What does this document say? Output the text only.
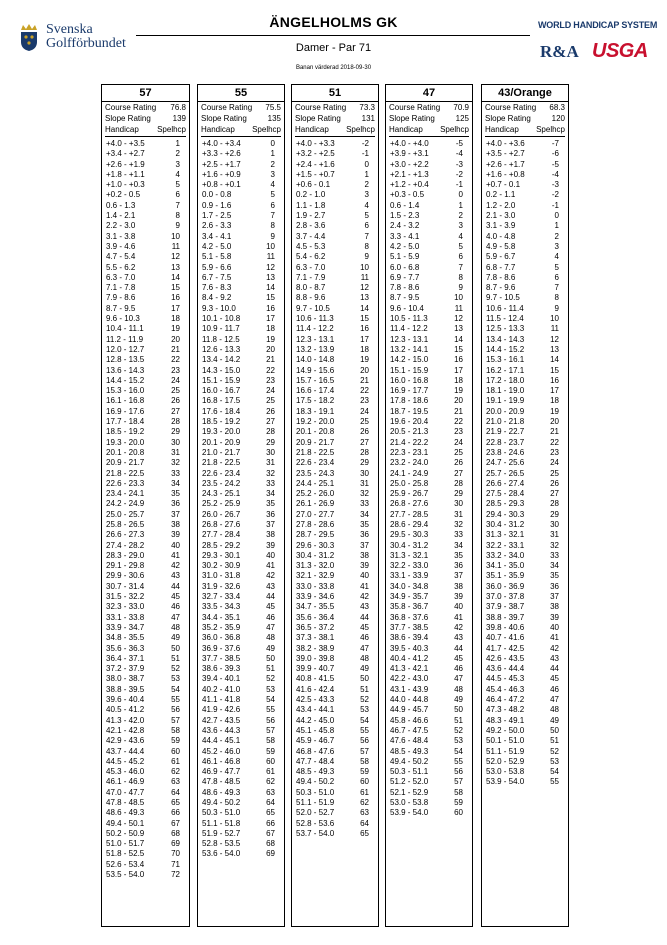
Svenska
Golfförbundet
ÄNGELHOLMS GK
Damer - Par 71
Banan värderad 2018-09-30
WORLD HANDICAP SYSTEM
R&A USGA
57
Course Rating 76.8
Slope Rating	139
Handicap Spelhcp
+4.0 - +3.5	1
+3.4 - +2.7	2
+2.6 - +1.9	3
+1.8 - +1.1	4
+1.0 - +0.3	5
+0.2 - 0.5	6
0.6 - 1.3	7
1.4 - 2.1	8
2.2 - 3.0	9
3.1 - 3.8	10
3.9 - 4.6	11
4.7 - 5.4	12
5.5 - 6.2	13
6.3 - 7.0	14
7.1 - 7.8	15
7.9 - 8.6	16
8.7 - 9.5	17
9.6 - 10.3	18
10.4 - 11.1	19
11.2 - 11.9	20
12.0 - 12.7	21
12.8 - 13.5	22
13.6 - 14.3	23
14.4 - 15.2	24
15.3 - 16.0	25
16.1 - 16.8	26
16.9 - 17.6	27
17.7 - 18.4	28
18.5 - 19.2	29
19.3 - 20.0	30
20.1 - 20.8	31
20.9 - 21.7	32
21.8 - 22.5	33
22.6 - 23.3	34
23.4 - 24.1	35
24.2 - 24.9	36
25.0 - 25.7	37
25.8 - 26.5	38
26.6 - 27.3	39
27.4 - 28.2	40
28.3 - 29.0	41
29.1 - 29.8	42
29.9 - 30.6	43
30.7 - 31.4	44
31.5 - 32.2	45
32.3 - 33.0	46
33.1 - 33.8	47
33.9 - 34.7	48
34.8 - 35.5	49
35.6 - 36.3	50
36.4 - 37.1	51
37.2 - 37.9	52
38.0 - 38.7	53
38.8 - 39.5	54
39.6 - 40.4	55
40.5 - 41.2	56
41.3 - 42.0	57
42.1 - 42.8	58
42.9 - 43.6	59
43.7 - 44.4	60
44.5 - 45.2	61
45.3 - 46.0	62
46.1 - 46.9	63
47.0 - 47.7	64
47.8 - 48.5	65
48.6 - 49.3	66
49.4 - 50.1	67
50.2 - 50.9	68
51.0 - 51.7	69
51.8 - 52.5	70
52.6 - 53.4	71
53.5 - 54.0	72
55
Course Rating 75.5
Slope Rating	135
Handicap Spelhcp
+4.0 - +3.4	0
+3.3 - +2.6	1
+2.5 - +1.7	2
+1.6 - +0.9	3
+0.8 - +0.1	4
0.0 - 0.8	5
0.9 - 1.6	6
1.7 - 2.5	7
2.6 - 3.3	8
3.4 - 4.1	9
4.2 - 5.0	10
5.1 - 5.8	11
5.9 - 6.6	12
6.7 - 7.5	13
7.6 - 8.3	14
8.4 - 9.2	15
9.3 - 10.0	16
10.1 - 10.8	17
10.9 - 11.7	18
11.8 - 12.5	19
12.6 - 13.3	20
13.4 - 14.2	21
14.3 - 15.0	22
15.1 - 15.9	23
16.0 - 16.7	24
16.8 - 17.5	25
17.6 - 18.4	26
18.5 - 19.2	27
19.3 - 20.0	28
20.1 - 20.9	29
21.0 - 21.7	30
21.8 - 22.5	31
22.6 - 23.4	32
23.5 - 24.2	33
24.3 - 25.1	34
25.2 - 25.9	35
26.0 - 26.7	36
26.8 - 27.6	37
27.7 - 28.4	38
28.5 - 29.2	39
29.3 - 30.1	40
30.2 - 30.9	41
31.0 - 31.8	42
31.9 - 32.6	43
32.7 - 33.4	44
33.5 - 34.3	45
34.4 - 35.1	46
35.2 - 35.9	47
36.0 - 36.8	48
36.9 - 37.6	49
37.7 - 38.5	50
38.6 - 39.3	51
39.4 - 40.1	52
40.2 - 41.0	53
41.1 - 41.8	54
41.9 - 42.6	55
42.7 - 43.5	56
43.6 - 44.3	57
44.4 - 45.1	58
45.2 - 46.0	59
46.1 - 46.8	60
46.9 - 47.7	61
47.8 - 48.5	62
48.6 - 49.3	63
49.4 - 50.2	64
50.3 - 51.0	65
51.1 - 51.8	66
51.9 - 52.7	67
52.8 - 53.5	68
53.6 - 54.0	69
51
Course Rating 73.3
Slope Rating	131
Handicap Spelhcp
+4.0 - +3.3	-2
+3.2 - +2.5	-1
+2.4 - +1.6	0
+1.5 - +0.7	1
+0.6 - 0.1	2
0.2 - 1.0	3
1.1 - 1.8	4
1.9 - 2.7	5
2.8 - 3.6	6
3.7 - 4.4	7
4.5 - 5.3	8
5.4 - 6.2	9
6.3 - 7.0	10
7.1 - 7.9	11
8.0 - 8.7	12
8.8 - 9.6	13
9.7 - 10.5	14
10.6 - 11.3	15
11.4 - 12.2	16
12.3 - 13.1	17
13.2 - 13.9	18
14.0 - 14.8	19
14.9 - 15.6	20
15.7 - 16.5	21
16.6 - 17.4	22
17.5 - 18.2	23
18.3 - 19.1	24
19.2 - 20.0	25
20.1 - 20.8	26
20.9 - 21.7	27
21.8 - 22.5	28
22.6 - 23.4	29
23.5 - 24.3	30
24.4 - 25.1	31
25.2 - 26.0	32
26.1 - 26.9	33
27.0 - 27.7	34
27.8 - 28.6	35
28.7 - 29.5	36
29.6 - 30.3	37
30.4 - 31.2	38
31.3 - 32.0	39
32.1 - 32.9	40
33.0 - 33.8	41
33.9 - 34.6	42
34.7 - 35.5	43
35.6 - 36.4	44
36.5 - 37.2	45
37.3 - 38.1	46
38.2 - 38.9	47
39.0 - 39.8	48
39.9 - 40.7	49
40.8 - 41.5	50
41.6 - 42.4	51
42.5 - 43.3	52
43.4 - 44.1	53
44.2 - 45.0	54
45.1 - 45.8	55
45.9 - 46.7	56
46.8 - 47.6	57
47.7 - 48.4	58
48.5 - 49.3	59
49.4 - 50.2	60
50.3 - 51.0	61
51.1 - 51.9	62
52.0 - 52.7	63
52.8 - 53.6	64
53.7 - 54.0	65
47
Course Rating 70.9
Slope Rating	125
Handicap Spelhcp
+4.0 - +4.0	-5
+3.9 - +3.1	-4
+3.0 - +2.2	-3
+2.1 - +1.3	-2
+1.2 - +0.4	-1
+0.3 - 0.5	0
0.6 - 1.4	1
1.5 - 2.3	2
2.4 - 3.2	3
3.3 - 4.1	4
4.2 - 5.0	5
5.1 - 5.9	6
6.0 - 6.8	7
6.9 - 7.7	8
7.8 - 8.6	9
8.7 - 9.5	10
9.6 - 10.4	11
10.5 - 11.3	12
11.4 - 12.2	13
12.3 - 13.1	14
13.2 - 14.1	15
14.2 - 15.0	16
15.1 - 15.9	17
16.0 - 16.8	18
16.9 - 17.7	19
17.8 - 18.6	20
18.7 - 19.5	21
19.6 - 20.4	22
20.5 - 21.3	23
21.4 - 22.2	24
22.3 - 23.1	25
23.2 - 24.0	26
24.1 - 24.9	27
25.0 - 25.8	28
25.9 - 26.7	29
26.8 - 27.6	30
27.7 - 28.5	31
28.6 - 29.4	32
29.5 - 30.3	33
30.4 - 31.2	34
31.3 - 32.1	35
32.2 - 33.0	36
33.1 - 33.9	37
34.0 - 34.8	38
34.9 - 35.7	39
35.8 - 36.7	40
36.8 - 37.6	41
37.7 - 38.5	42
38.6 - 39.4	43
39.5 - 40.3	44
40.4 - 41.2	45
41.3 - 42.1	46
42.2 - 43.0	47
43.1 - 43.9	48
44.0 - 44.8	49
44.9 - 45.7	50
45.8 - 46.6	51
46.7 - 47.5	52
47.6 - 48.4	53
48.5 - 49.3	54
49.4 - 50.2	55
50.3 - 51.1	56
51.2 - 52.0	57
52.1 - 52.9	58
53.0 - 53.8	59
53.9 - 54.0	60
43/Orange
Course Rating 68.3
Slope Rating	120
Handicap Spelhcp
+4.0 - +3.6	-7
+3.5 - +2.7	-6
+2.6 - +1.7	-5
+1.6 - +0.8	-4
+0.7 - 0.1	-3
0.2 - 1.1	-2
1.2 - 2.0	-1
2.1 - 3.0	0
3.1 - 3.9	1
4.0 - 4.8	2
4.9 - 5.8	3
5.9 - 6.7	4
6.8 - 7.7	5
7.8 - 8.6	6
8.7 - 9.6	7
9.7 - 10.5	8
10.6 - 11.4	9
11.5 - 12.4	10
12.5 - 13.3	11
13.4 - 14.3	12
14.4 - 15.2	13
15.3 - 16.1	14
16.2 - 17.1	15
17.2 - 18.0	16
18.1 - 19.0	17
19.1 - 19.9	18
20.0 - 20.9	19
21.0 - 21.8	20
21.9 - 22.7	21
22.8 - 23.7	22
23.8 - 24.6	23
24.7 - 25.6	24
25.7 - 26.5	25
26.6 - 27.4	26
27.5 - 28.4	27
28.5 - 29.3	28
29.4 - 30.3	29
30.4 - 31.2	30
31.3 - 32.1	31
32.2 - 33.1	32
33.2 - 34.0	33
34.1 - 35.0	34
35.1 - 35.9	35
36.0 - 36.9	36
37.0 - 37.8	37
37.9 - 38.7	38
38.8 - 39.7	39
39.8 - 40.6	40
40.7 - 41.6	41
41.7 - 42.5	42
42.6 - 43.5	43
43.6 - 44.4	44
44.5 - 45.3	45
45.4 - 46.3	46
46.4 - 47.2	47
47.3 - 48.2	48
48.3 - 49.1	49
49.2 - 50.0	50
50.1 - 51.0	51
51.1 - 51.9	52
52.0 - 52.9	53
53.0 - 53.8	54
53.9 - 54.0	55
